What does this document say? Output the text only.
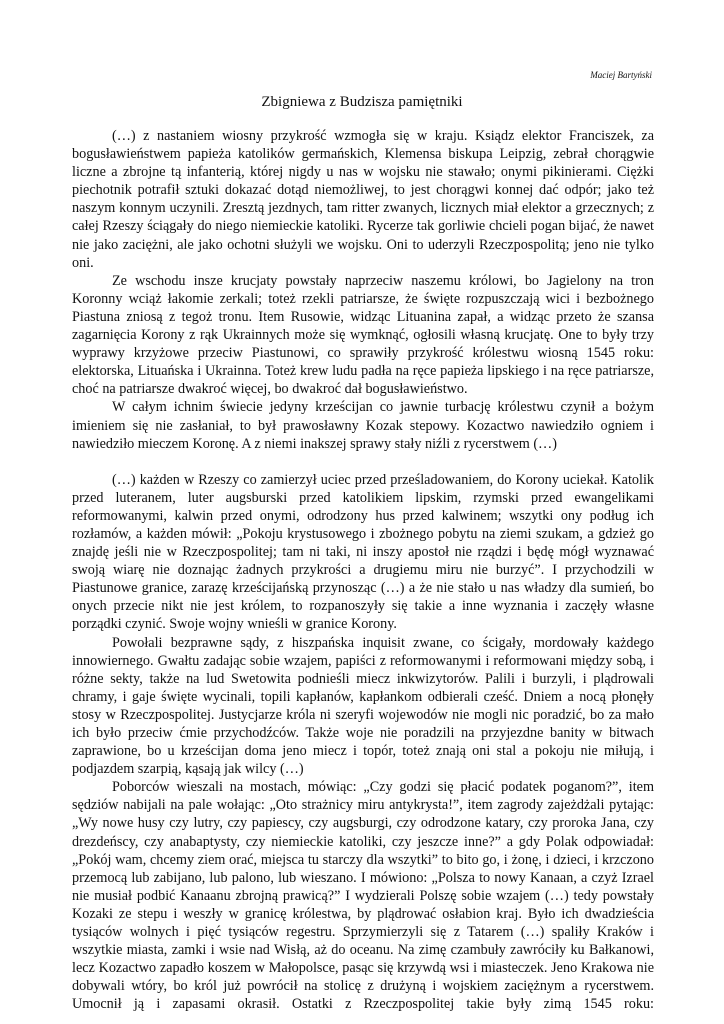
Maciej Bartyński
Zbigniewa z Budzisza pamiętniki

(…) z nastaniem wiosny przykrość wzmogła się w kraju. Ksiądz elektor Franciszek, za bogusławieństwem papieża katolików germańskich, Klemensa biskupa Leipzig, zebrał chorągwie liczne a zbrojne tą infanterią, której nigdy u nas w wojsku nie stawało; onymi pikinierami. Ciężki piechotnik potrafił sztuki dokazać dotąd niemożliwej, to jest chorągwi konnej dać odpór; jako też naszym konnym uczynili. Zresztą jezdnych, tam ritter zwanych, licznych miał elektor a grzecznych; z całej Rzeszy ściągały do niego niemieckie katoliki. Rycerze tak gorliwie chcieli pogan bijać, że nawet nie jako zaciężni, ale jako ochotni służyli we wojsku. Oni to uderzyli Rzeczpospolitą; jeno nie tylko oni.

Ze wschodu insze krucjaty powstały naprzeciw naszemu królowi, bo Jagielony na tron Koronny wciąż łakomie zerkali; toteż rzekli patriarsze, że święte rozpuszczają wici i bezbożnego Piastuna zniosą z tegoż tronu. Item Rusowie, widząc Lituanina zapał, a widząc przeto że szansa zagarnięcia Korony z rąk Ukrainnych może się wymknąć, ogłosili własną krucjatę. One to były trzy wyprawy krzyżowe przeciw Piastunowi, co sprawiły przykrość królestwu wiosną 1545 roku: elektorska, Lituańska i Ukrainna. Toteż krew ludu padła na ręce papieża lipskiego i na ręce patriarsze, choć na patriarsze dwakroć więcej, bo dwakroć dał bogusławieństwo.

W całym ichnim świecie jedyny krześcijan co jawnie turbację królestwu czynił a bożym imieniem się nie zasłaniał, to był prawosławny Kozak stepowy. Kozactwo nawiedziło ogniem i nawiedziło mieczem Koronę. A z niemi inakszej sprawy stały niźli z rycerstwem (…)

(…) każden w Rzeszy co zamierzył uciec przed prześladowaniem, do Korony uciekał. Katolik przed luteranem, luter augsburski przed katolikiem lipskim, rzymski przed ewangelikami reformowanymi, kalwin przed onymi, odrodzony hus przed kalwinem; wszytki ony podług ich rozłamów, a każden mówił: „Pokoju krystusowego i zbożnego pobytu na ziemi szukam, a gdzież go znajdę jeśli nie w Rzeczpospolitej; tam ni taki, ni inszy apostoł nie rządzi i będę mógł wyznawać swoją wiarę nie doznając żadnych przykrości a drugiemu miru nie burzyć”. I przychodzili w Piastunowe granice, zarazę krześcijańską przynosząc (…) a że nie stało u nas władzy dla sumień, bo onych przecie nikt nie jest królem, to rozpanoszyły się takie a inne wyznania i zaczęły własne porządki czynić. Swoje wojny wnieśli w granice Korony.

Powołali bezprawne sądy, z hiszpańska inquisit zwane, co ścigały, mordowały każdego innowiernego. Gwałtu zadając sobie wzajem, papiści z reformowanymi i reformowani między sobą, i różne sekty, także na lud Swetowita podnieśli miecz inkwizytorów. Palili i burzyli, i plądrowali chramy, i gaje święte wycinali, topili kapłanów, kapłankom odbierali cześć. Dniem a nocą płonęły stosy w Rzeczpospolitej. Justycjarze króla ni szeryfi wojewodów nie mogli nic poradzić, bo za mało ich było przeciw ćmie przychodźców. Także woje nie poradzili na przyjezdne banity w bitwach zaprawione, bo u krześcijan doma jeno miecz i topór, toteż znają oni stal a pokoju nie miłują, i podjazdem szarpią, kąsają jak wilcy (…)

Poborców wieszali na mostach, mówiąc: „Czy godzi się płacić podatek poganom?”, item sędziów nabijali na pale wołając: „Oto strażnicy miru antykrysta!”, item zagrody zajeżdżali pytając: „Wy nowe husy czy lutry, czy papiescy, czy augsburgi, czy odrodzone katary, czy proroka Jana, czy drezdeńscy, czy anabaptysty, czy niemieckie katoliki, czy jeszcze inne?” a gdy Polak odpowiadał: „Pokój wam, chcemy ziem orać, miejsca tu starczy dla wszytki” to bito go, i żonę, i dzieci, i krzczono przemocą lub zabijano, lub palono, lub wieszano. I mówiono: „Polsza to nowy Kanaan, a czyż Izrael nie musiał podbić Kanaanu zbrojną prawicą?” I wydzierali Polszę sobie wzajem (…) tedy powstały Kozaki ze stepu i weszły w granicę królestwa, by plądrować osłabion kraj. Było ich dwadzieścia tysiąców wolnych i pięć tysiąców regestru. Sprzymierzyli się z Tatarem (…) spaliły Kraków i wszytkie miasta, zamki i wsie nad Wisłą, aż do oceanu. Na zimę czambuły zawróciły ku Bałkanowi, lecz Kozactwo zapadło koszem w Małopolsce, pasąc się krzywdą wsi i miasteczek. Jeno Krakowa nie dobywali wtóry, bo król już powrócił na stolicę z drużyną i wojskiem zaciężnym a rycerstwem. Umocnił ją i zapasami okrasił. Ostatki z Rzeczpospolitej takie były zimą 1545 roku:
